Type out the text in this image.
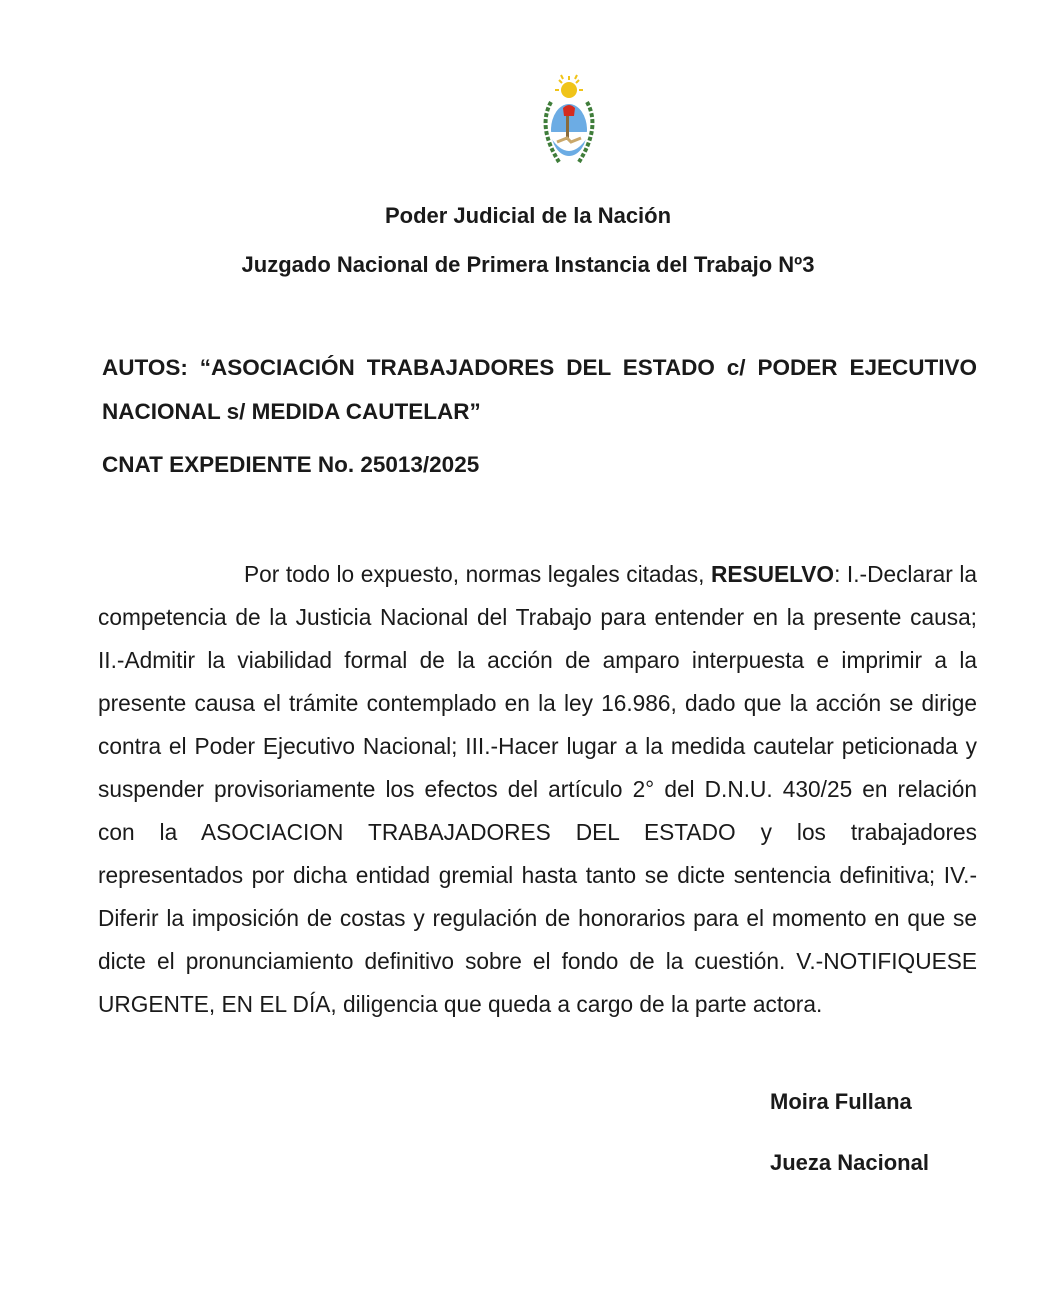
Poder Judicial de la Nación
Juzgado Nacional de Primera Instancia del Trabajo Nº3

AUTOS: “ASOCIACIÓN TRABAJADORES DEL ESTADO c/ PODER EJECUTIVO NACIONAL s/ MEDIDA CAUTELAR”

CNAT EXPEDIENTE No. 25013/2025

Por todo lo expuesto, normas legales citadas, RESUELVO: I.-Declarar la competencia de la Justicia Nacional del Trabajo para entender en la presente causa; II.-Admitir la viabilidad formal de la acción de amparo interpuesta e imprimir a la presente causa el trámite contemplado en la ley 16.986, dado que la acción se dirige contra el Poder Ejecutivo Nacional; III.-Hacer lugar a la medida cautelar peticionada y suspender provisoriamente los efectos del artículo 2° del D.N.U. 430/25 en relación con la ASOCIACION TRABAJADORES DEL ESTADO y los trabajadores representados por dicha entidad gremial hasta tanto se dicte sentencia definitiva; IV.-Diferir la imposición de costas y regulación de honorarios para el momento en que se dicte el pronunciamiento definitivo sobre el fondo de la cuestión. V.-NOTIFIQUESE URGENTE, EN EL DÍA, diligencia que queda a cargo de la parte actora.

Moira Fullana
Jueza Nacional
